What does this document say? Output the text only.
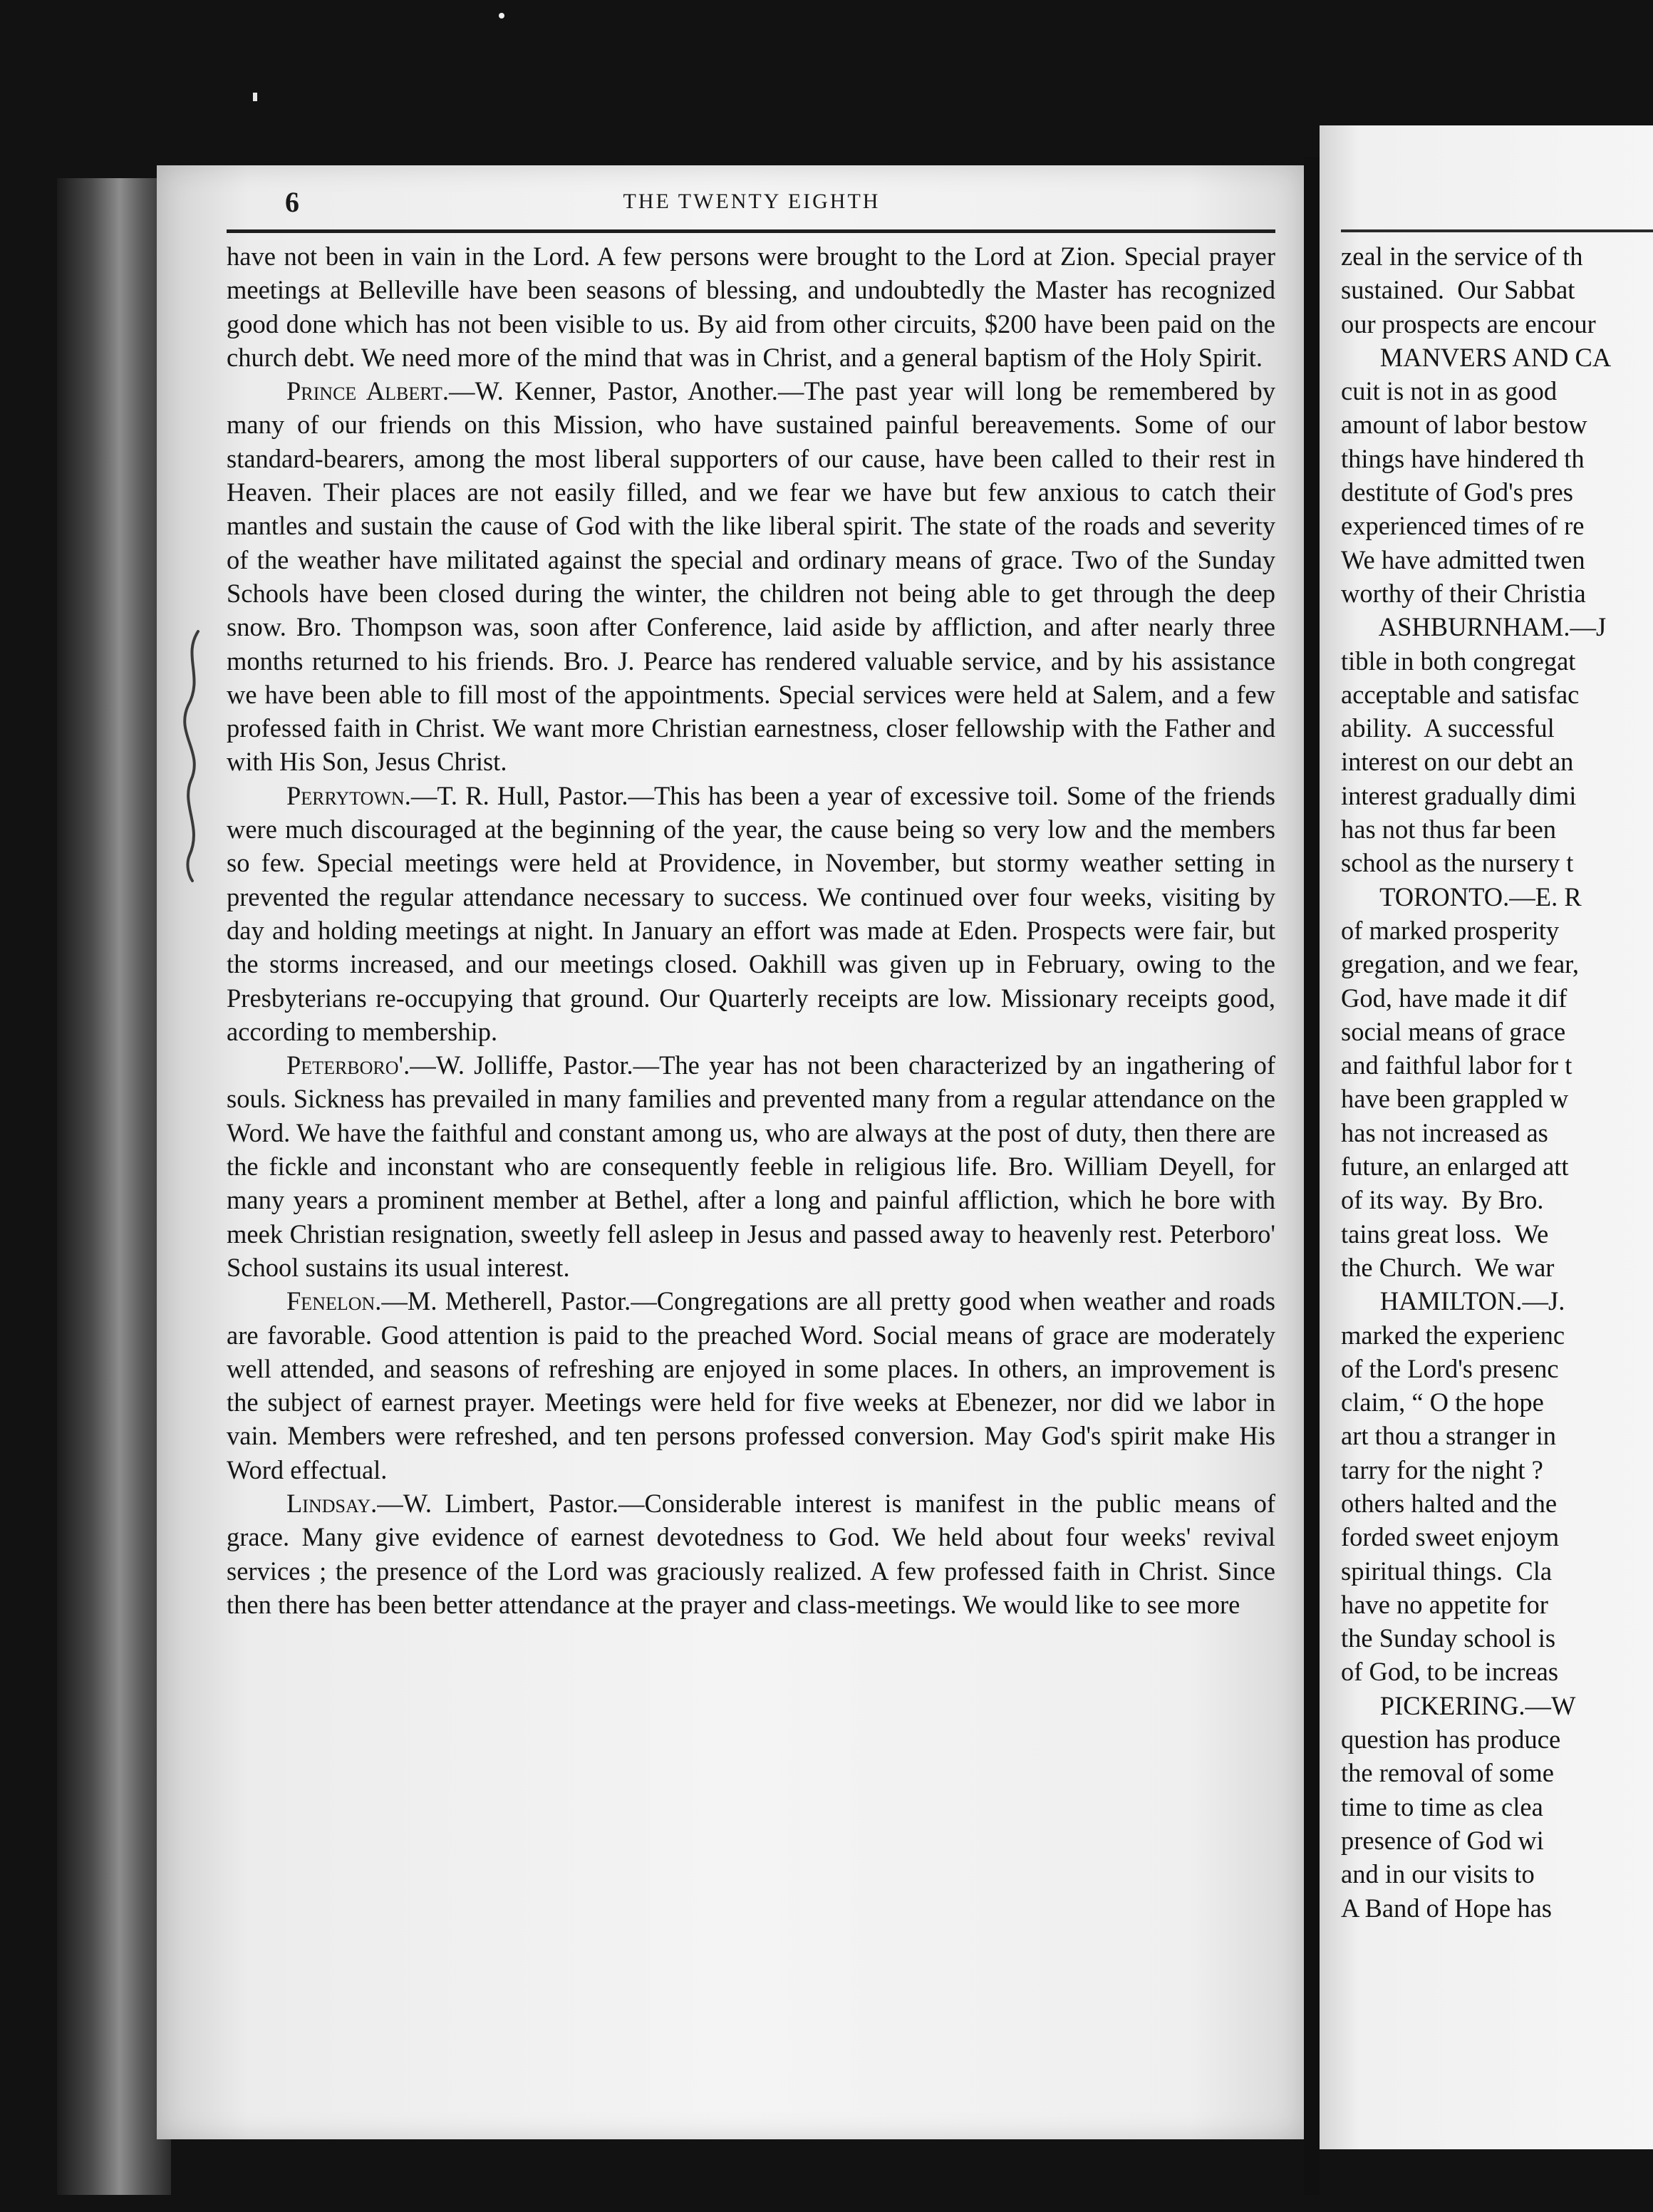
6	THE TWENTY EIGHTH

have not been in vain in the Lord. A few persons were brought to the Lord at Zion. Special prayer meetings at Belleville have been seasons of blessing, and undoubtedly the Master has recognized good done which has not been visible to us. By aid from other circuits, $200 have been paid on the church debt. We need more of the mind that was in Christ, and a general baptism of the Holy Spirit.

Prince Albert.—W. Kenner, Pastor, Another.—The past year will long be remembered by many of our friends on this Mission, who have sustained painful bereavements. Some of our standard-bearers, among the most liberal supporters of our cause, have been called to their rest in Heaven. Their places are not easily filled, and we fear we have but few anxious to catch their mantles and sustain the cause of God with the like liberal spirit. The state of the roads and severity of the weather have militated against the special and ordinary means of grace. Two of the Sunday Schools have been closed during the winter, the children not being able to get through the deep snow. Bro. Thompson was, soon after Conference, laid aside by affliction, and after nearly three months returned to his friends. Bro. J. Pearce has rendered valuable service, and by his assistance we have been able to fill most of the appointments. Special services were held at Salem, and a few professed faith in Christ. We want more Christian earnestness, closer fellowship with the Father and with His Son, Jesus Christ.

Perrytown.—T. R. Hull, Pastor.—This has been a year of excessive toil. Some of the friends were much discouraged at the beginning of the year, the cause being so very low and the members so few. Special meetings were held at Providence, in November, but stormy weather setting in prevented the regular attendance necessary to success. We continued over four weeks, visiting by day and holding meetings at night. In January an effort was made at Eden. Prospects were fair, but the storms increased, and our meetings closed. Oakhill was given up in February, owing to the Presbyterians re-occupying that ground. Our Quarterly receipts are low. Missionary receipts good, according to membership.

Peterboro'.—W. Jolliffe, Pastor.—The year has not been characterized by an ingathering of souls. Sickness has prevailed in many families and prevented many from a regular attendance on the Word. We have the faithful and constant among us, who are always at the post of duty, then there are the fickle and inconstant who are consequently feeble in religious life. Bro. William Deyell, for many years a prominent member at Bethel, after a long and painful affliction, which he bore with meek Christian resignation, sweetly fell asleep in Jesus and passed away to heavenly rest. Peterboro' School sustains its usual interest.

Fenelon.—M. Metherell, Pastor.—Congregations are all pretty good when weather and roads are favorable. Good attention is paid to the preached Word. Social means of grace are moderately well attended, and seasons of refreshing are enjoyed in some places. In others, an improvement is the subject of earnest prayer. Meetings were held for five weeks at Ebenezer, nor did we labor in vain. Members were refreshed, and ten persons professed conversion. May God's spirit make His Word effectual.

Lindsay.—W. Limbert, Pastor.—Considerable interest is manifest in the public means of grace. Many give evidence of earnest devotedness to God. We held about four weeks' revival services ; the presence of the Lord was graciously realized. A few professed faith in Christ. Since then there has been better attendance at the prayer and class-meetings. We would like to see more

zeal in the service of th
sustained.  Our Sabbat
our prospects are encour
MANVERS AND CA
cuit is not in as good
amount of labor bestow
things have hindered th
destitute of God's pres
experienced times of re
We have admitted twen
worthy of their Christia
ASHBURNHAM.—J
tible in both congregat
acceptable and satisfac
ability.  A successful
interest on our debt an
interest gradually dimi
has not thus far been
school as the nursery t
TORONTO.—E. R
of marked prosperity
gregation, and we fear,
God, have made it dif
social means of grace
and faithful labor for t
have been grappled w
has not increased as
future, an enlarged att
of its way.  By Bro.
tains great loss.  We
the Church.  We war
HAMILTON.—J.
marked the experienc
of the Lord's presenc
claim, “ O the hope
art thou a stranger in
tarry for the night ?
others halted and the
forded sweet enjoym
spiritual things.  Cla
have no appetite for
the Sunday school is
of God, to be increas
PICKERING.—W
question has produce
the removal of some
time to time as clea
presence of God wi
and in our visits to
A Band of Hope has
